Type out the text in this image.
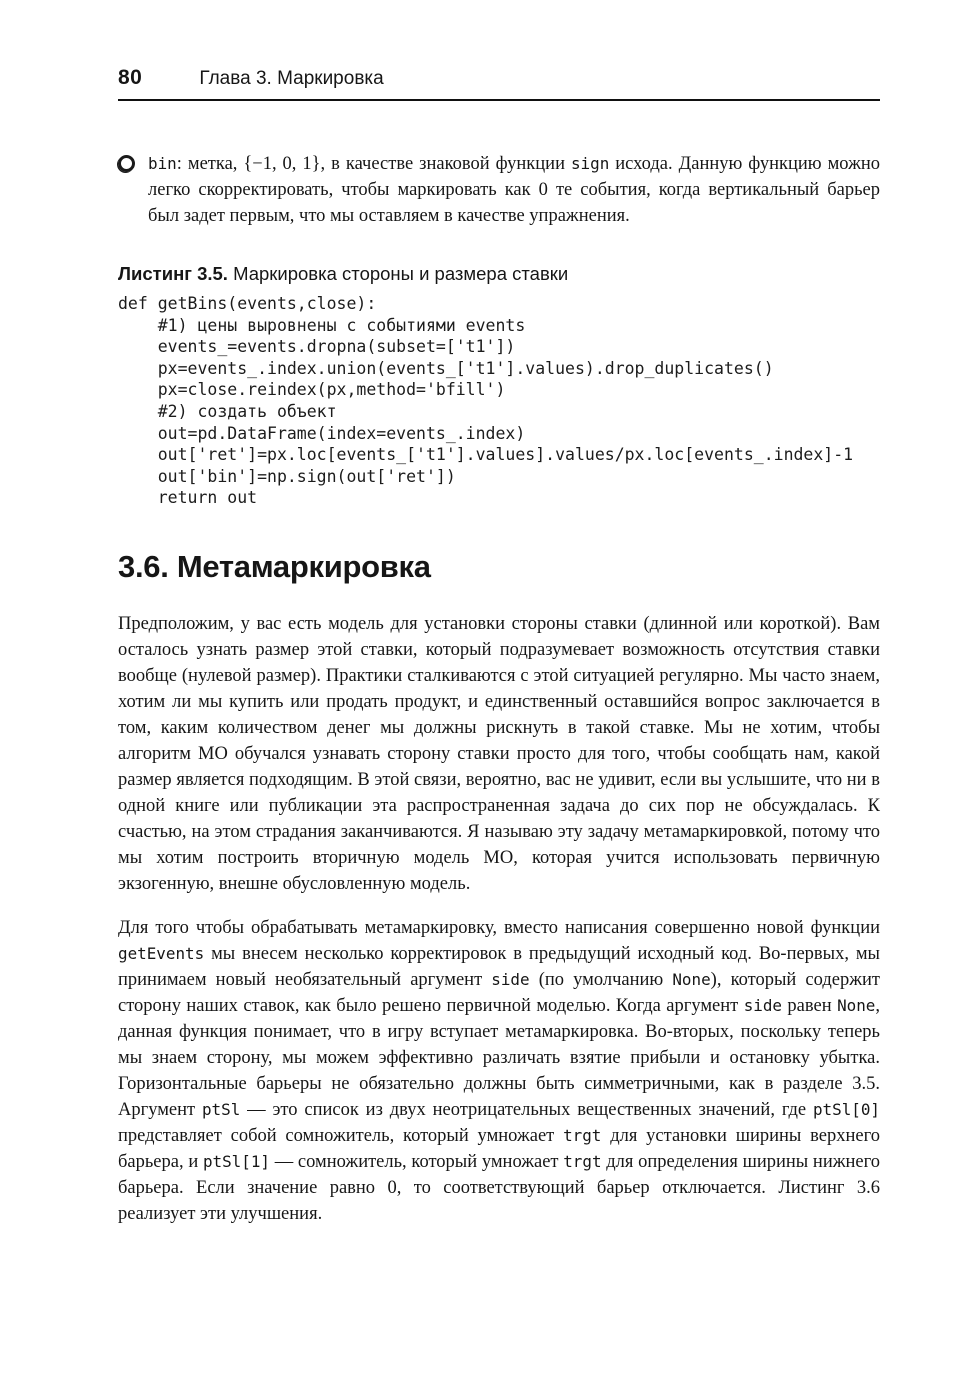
80	Глава 3. Маркировка
bin: метка, {−1, 0, 1}, в качестве знаковой функции sign исхода. Данную функцию можно легко скорректировать, чтобы маркировать как 0 те события, когда вертикальный барьер был задет первым, что мы оставляем в качестве упражнения.
Листинг 3.5. Маркировка стороны и размера ставки
def getBins(events,close):
#1) цены выровнены с событиями events
events_=events.dropna(subset=['t1'])
px=events_.index.union(events_['t1'].values).drop_duplicates()
px=close.reindex(px,method='bfill')
#2) создать объект
out=pd.DataFrame(index=events_.index)
out['ret']=px.loc[events_['t1'].values].values/px.loc[events_.index]-1
out['bin']=np.sign(out['ret'])
return out
3.6. Метамаркировка

Предположим, у вас есть модель для установки стороны ставки (длинной или короткой). Вам осталось узнать размер этой ставки, который подразумевает возможность отсутствия ставки вообще (нулевой размер). Практики сталкиваются с этой ситуацией регулярно. Мы часто знаем, хотим ли мы купить или продать продукт, и единственный оставшийся вопрос заключается в том, каким количеством денег мы должны рискнуть в такой ставке. Мы не хотим, чтобы алгоритм МО обучался узнавать сторону ставки просто для того, чтобы сообщать нам, какой размер является подходящим. В этой связи, вероятно, вас не удивит, если вы услышите, что ни в одной книге или публикации эта распространенная задача до сих пор не обсуждалась. К счастью, на этом страдания заканчиваются. Я называю эту задачу метамаркировкой, потому что мы хотим построить вторичную модель МО, которая учится использовать первичную экзогенную, внешне обусловленную модель.

Для того чтобы обрабатывать метамаркировку, вместо написания совершенно новой функции getEvents мы внесем несколько корректировок в предыдущий исходный код. Во-первых, мы принимаем новый необязательный аргумент side (по умолчанию None), который содержит сторону наших ставок, как было решено первичной моделью. Когда аргумент side равен None, данная функция понимает, что в игру вступает метамаркировка. Во-вторых, поскольку теперь мы знаем сторону, мы можем эффективно различать взятие прибыли и остановку убытка. Горизонтальные барьеры не обязательно должны быть симметричными, как в разделе 3.5. Аргумент ptSl — это список из двух неотрицательных вещественных значений, где ptSl[0] представляет собой сомножитель, который умножает trgt для установки ширины верхнего барьера, и ptSl[1] — сомножитель, который умножает trgt для определения ширины нижнего барьера. Если значение равно 0, то соответствующий барьер отключается. Листинг 3.6 реализует эти улучшения.
